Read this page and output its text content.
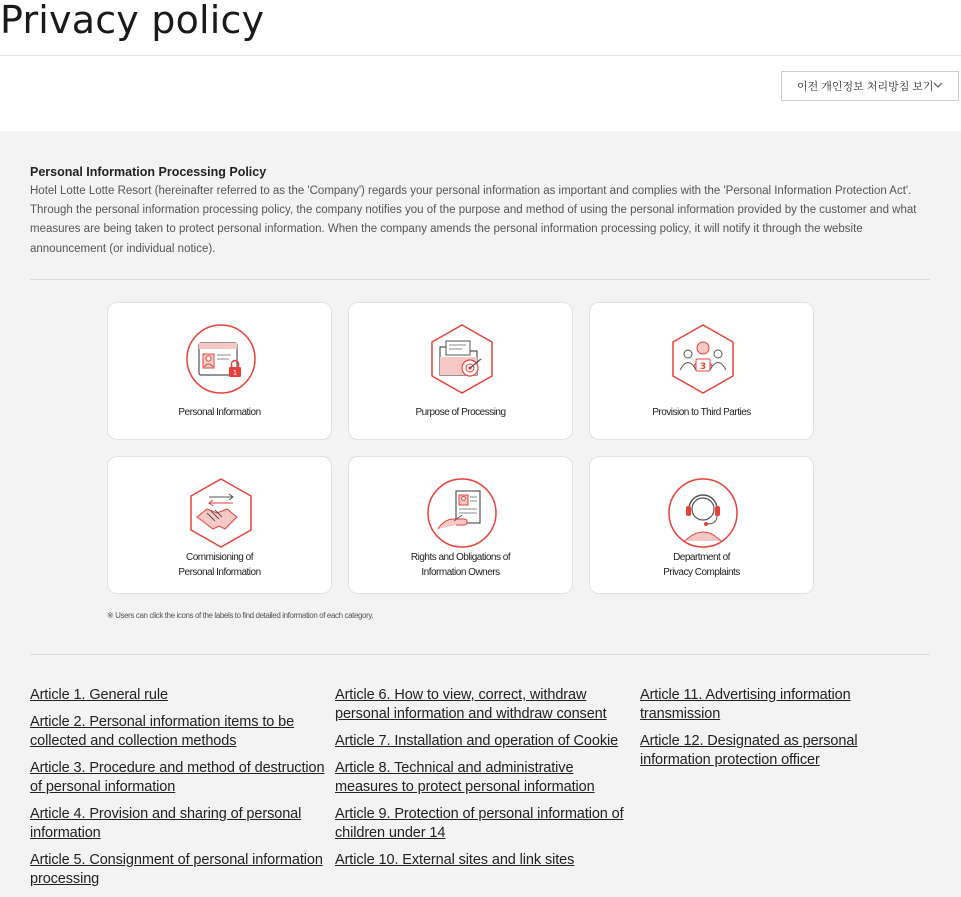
Privacy policy
이전 개인정보 처리방침 보기
Personal Information Processing Policy
Hotel Lotte Lotte Resort (hereinafter referred to as the 'Company') regards your personal information as important and complies with the 'Personal Information Protection Act'. Through the personal information processing policy, the company notifies you of the purpose and method of using the personal information provided by the customer and what measures are being taken to protect personal information. When the company amends the personal information processing policy, it will notify it through the website announcement (or individual notice).
1
Personal Information	Purpose of Processing
3
Provision to Third Parties
Commisioning of
Personal Information
Rights and Obligations of
Information Owners
Department of
Privacy Complaints
※ Users can click the icons of the labels to find detailed information of each category.
Article 1. General rule
Article 2. Personal information items to be collected and collection methods
Article 3. Procedure and method of destruction of personal information
Article 4. Provision and sharing of personal information
Article 5. Consignment of personal information processing
Article 6. How to view, correct, withdraw personal information and withdraw consent
Article 7. Installation and operation of Cookie
Article 8. Technical and administrative measures to protect personal information
Article 9. Protection of personal information of children under 14
Article 10. External sites and link sites
Article 11. Advertising information transmission
Article 12. Designated as personal information protection officer
